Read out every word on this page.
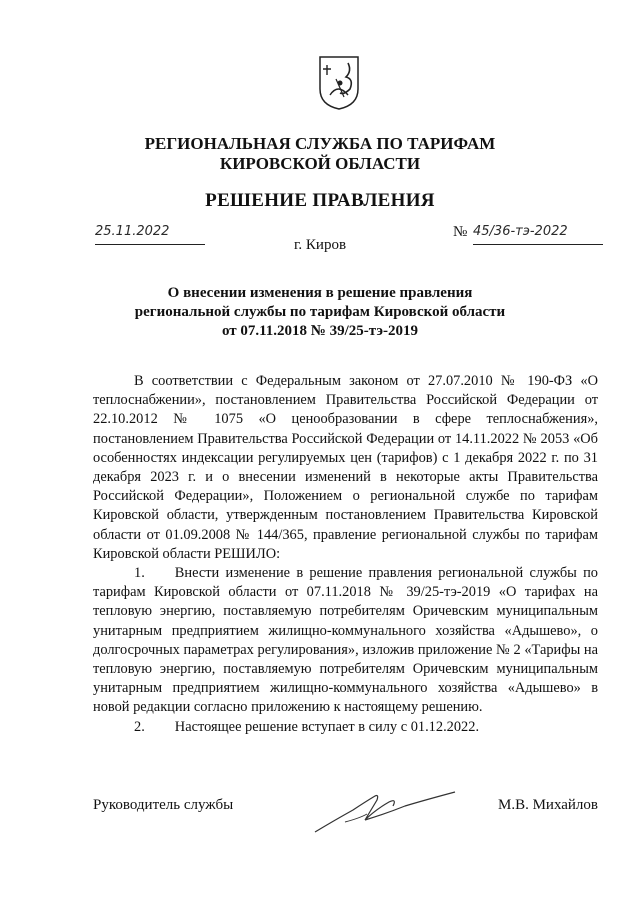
РЕГИОНАЛЬНАЯ СЛУЖБА ПО ТАРИФАМ
КИРОВСКОЙ ОБЛАСТИ
РЕШЕНИЕ ПРАВЛЕНИЯ
25.11.2022	№ 45/36-тэ-2022
г. Киров
О внесении изменения в решение правления
региональной службы по тарифам Кировской области
от 07.11.2018 № 39/25-тэ-2019
В соответствии с Федеральным законом от 27.07.2010 № 190-ФЗ «О теплоснабжении», постановлением Правительства Российской Федерации от 22.10.2012 № 1075 «О ценообразовании в сфере теплоснабжения», постановлением Правительства Российской Федерации от 14.11.2022 № 2053 «Об особенностях индексации регулируемых цен (тарифов) с 1 декабря 2022 г. по 31 декабря 2023 г. и о внесении изменений в некоторые акты Правительства Российской Федерации», Положением о региональной службе по тарифам Кировской области, утвержденным постановлением Правительства Кировской области от 01.09.2008 № 144/365, правление региональной службы по тарифам Кировской области РЕШИЛО:
1. Внести изменение в решение правления региональной службы по тарифам Кировской области от 07.11.2018 № 39/25-тэ-2019 «О тарифах на тепловую энергию, поставляемую потребителям Оричевским муниципальным унитарным предприятием жилищно-коммунального хозяйства «Адышево», о долгосрочных параметрах регулирования», изложив приложение № 2 «Тарифы на тепловую энергию, поставляемую потребителям Оричевским муниципальным унитарным предприятием жилищно-коммунального хозяйства «Адышево» в новой редакции согласно приложению к настоящему решению.
2. Настоящее решение вступает в силу с 01.12.2022.
Руководитель службы	М.В. Михайлов
